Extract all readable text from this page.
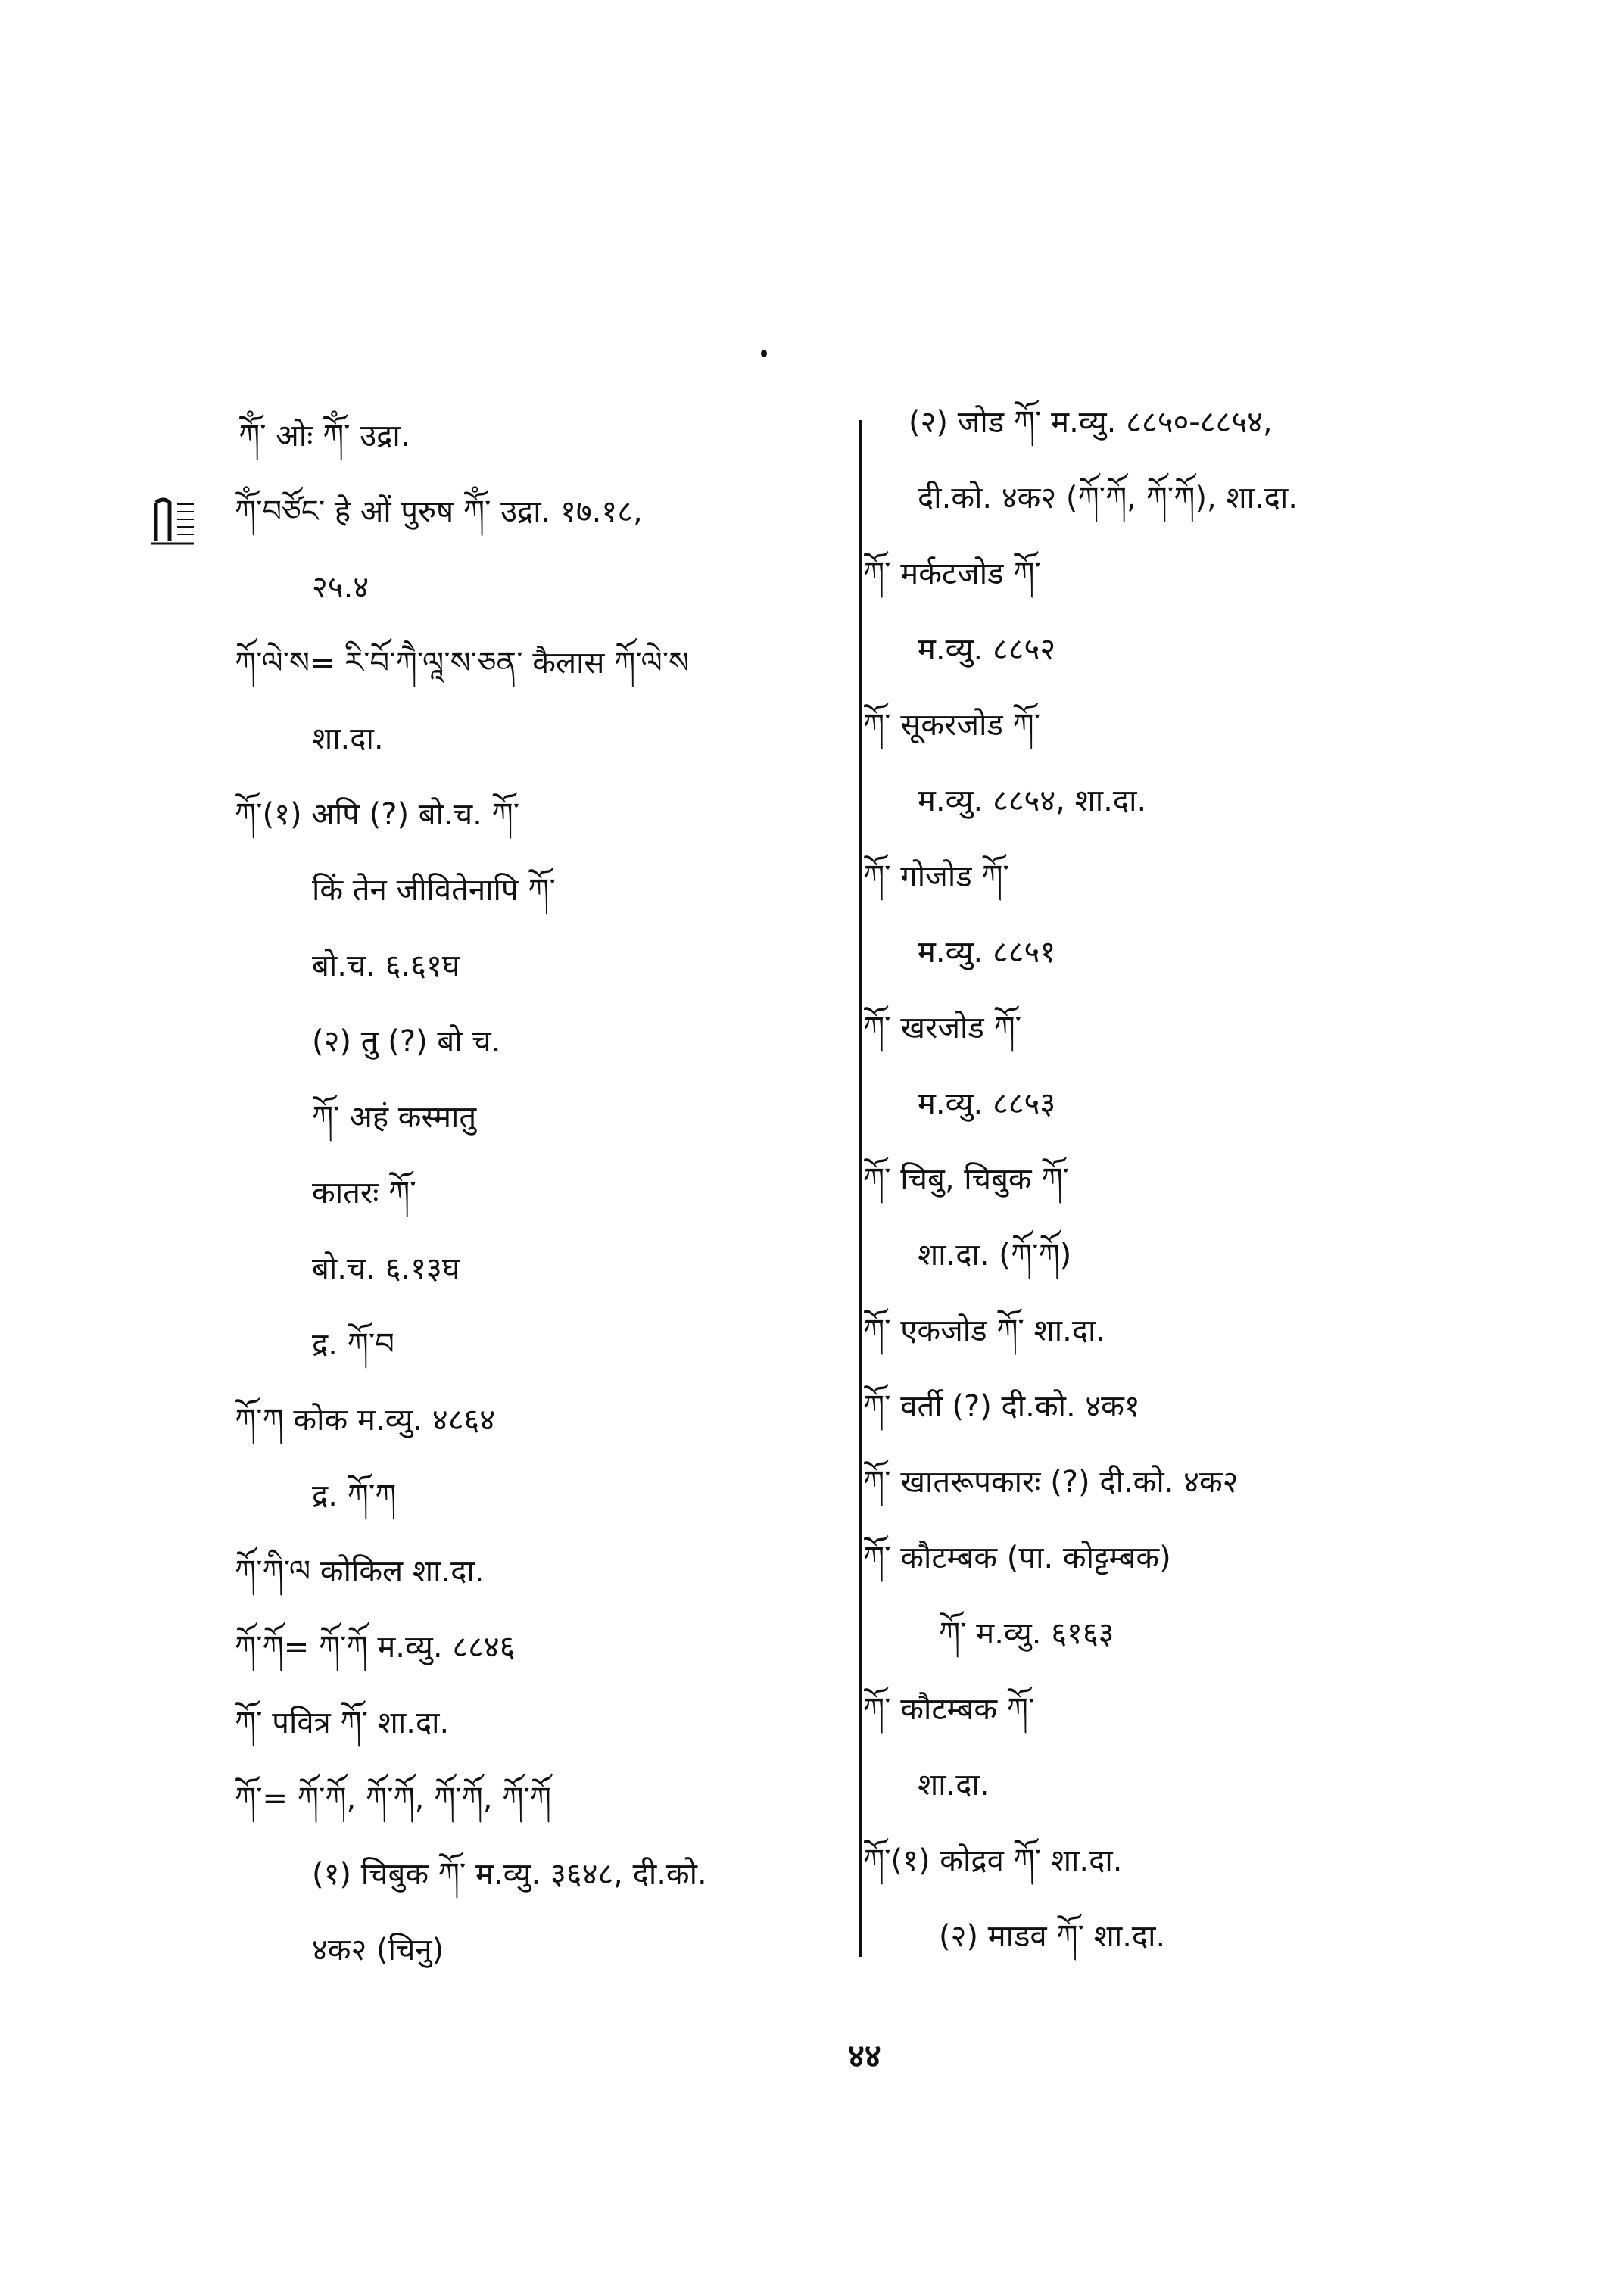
ཀོཾ་ ओः ཀོཾ་ उद्रा.
ཀོཾ་བཙོང་ हे ओं पुरुष ཀོཾ་ उद्रा. १७.१८,
२५.४
ཀོ་ལེ་ས= རི་བོ་ཀཻ་ལཱ་ས་ཅན་ कैलास ཀོ་ལེ་ས
शा.दा.
ཀོ་(१) अपि (?) बो.च. ཀོ་
किं तेन जीवितेनापि ཀོ་
बो.च. ६.६१घ
(२) तु (?) बो च.
ཀོ་ अहं कस्मातु
कातरः ཀོ་
बो.च. ६.१३घ
द्र. ཀོ་བ
ཀོ་ཀ कोक म.व्यु. ४८६४
द्र. ཀོ་ཀ
ཀོ་ཀི་ལ कोकिल शा.दा.
ཀོ་ཀོ= ཀོ་ཀོ म.व्यु. ८८४६
ཀོ་ पवित्र ཀོ་ शा.दा.
ཀོ་= ཀོ་ཀོ, ཀོ་ཀོ, ཀོ་ཀོ, ཀོ་ཀོ
(१) चिबुक ཀོ་ म.व्यु. ३६४८, दी.को.
४क२ (चिनु)
(२) जोड ཀོ་ म.व्यु. ८८५०-८८५४,
दी.को. ४क२ (ཀོ་ཀོ, ཀོ་ཀོ), शा.दा.
ཀོ་ मर्कटजोड ཀོ་
म.व्यु. ८८५२
ཀོ་ सूकरजोड ཀོ་
म.व्यु. ८८५४, शा.दा.
ཀོ་ गोजोड ཀོ་
म.व्यु. ८८५१
ཀོ་ खरजोड ཀོ་
म.व्यु. ८८५३
ཀོ་ चिबु, चिबुक ཀོ་
शा.दा. (ཀོ་ཀོ)
ཀོ་ एकजोड ཀོ་ शा.दा.
ཀོ་ वर्ती (?) दी.को. ४क१
ཀོ་ खातरूपकारः (?) दी.को. ४क२
ཀོ་ कौटम्बक (पा. कोट्टम्बक)
ཀོ་ म.व्यु. ६१६३
ཀོ་ कौटम्बक ཀོ་
शा.दा.
ཀོ་(१) कोद्रव ཀོ་ शा.दा.
(२) माडव ཀོ་ शा.दा.
४४
